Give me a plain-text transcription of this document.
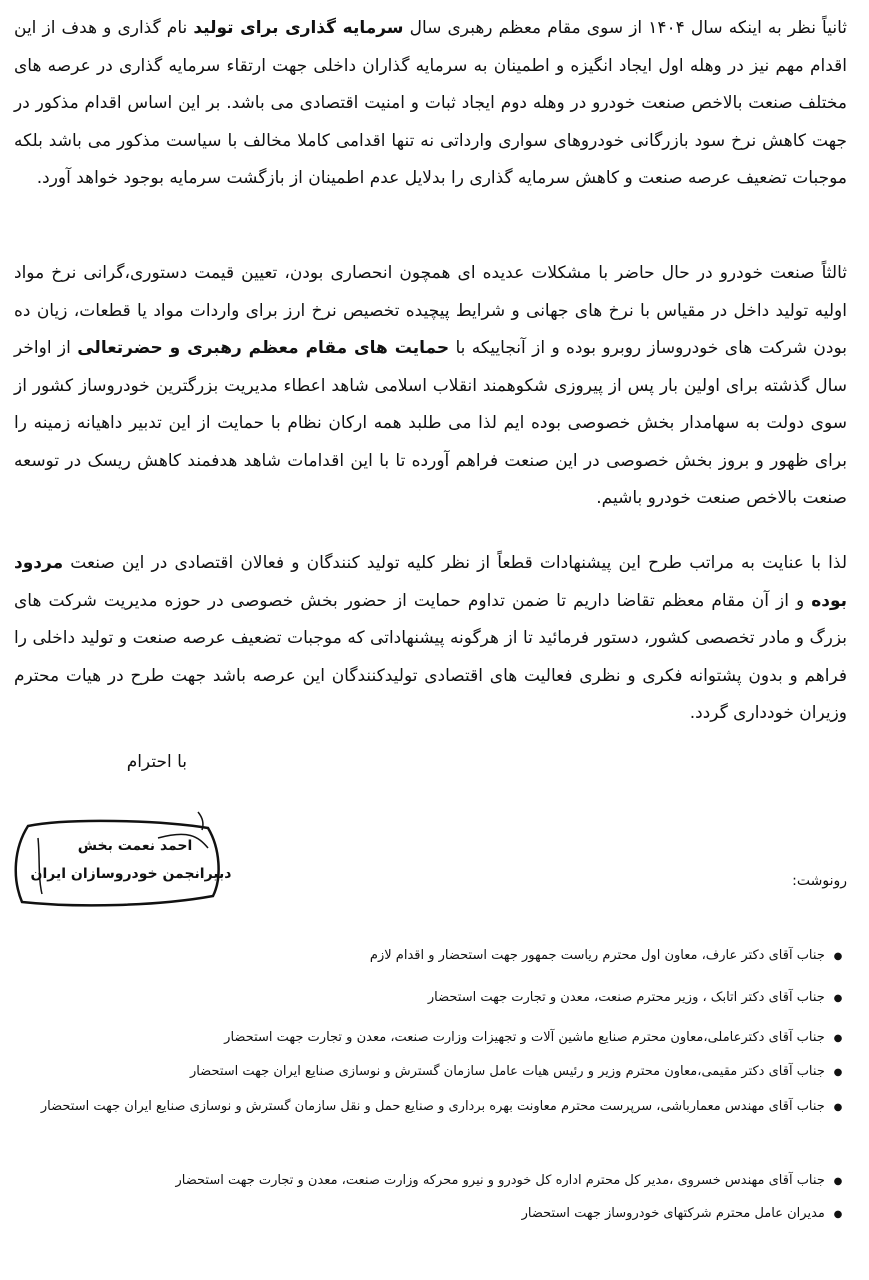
ثانیاً نظر به اینکه سال ۱۴۰۴ از سوی مقام معظم رهبری سال سرمایه گذاری برای تولید نام گذاری و هدف از این اقدام مهم نیز در وهله اول ایجاد انگیزه و اطمینان به سرمایه گذاران داخلی جهت ارتقاء سرمایه گذاری در عرصه های مختلف صنعت بالاخص صنعت خودرو در وهله دوم ایجاد ثبات و امنیت اقتصادی می باشد. بر این اساس اقدام مذکور در جهت کاهش نرخ سود بازرگانی خودروهای سواری وارداتی نه تنها اقدامی کاملا مخالف با سیاست مذکور می باشد بلکه موجبات تضعیف عرصه صنعت و کاهش سرمایه گذاری را بدلایل عدم اطمینان از بازگشت سرمایه بوجود خواهد آورد.

ثالثاً صنعت خودرو در حال حاضر با مشکلات عدیده ای همچون انحصاری بودن، تعیین قیمت دستوری،گرانی نرخ مواد اولیه تولید داخل در مقیاس با نرخ های جهانی و شرایط پیچیده تخصیص نرخ ارز برای واردات مواد یا قطعات، زیان ده بودن شرکت های خودروساز روبرو بوده و از آنجاییکه با حمایت های مقام معظم رهبری و حضرتعالی از اواخر سال گذشته برای اولین بار پس از پیروزی شکوهمند انقلاب اسلامی شاهد اعطاء مدیریت بزرگترین خودروساز کشور از سوی دولت به سهامدار بخش خصوصی بوده ایم لذا می طلبد همه ارکان نظام با حمایت از این تدبیر داهیانه زمینه را برای ظهور و بروز بخش خصوصی در این صنعت فراهم آورده تا با این اقدامات شاهد هدفمند کاهش ریسک در توسعه صنعت بالاخص صنعت خودرو باشیم.

لذا با عنایت به مراتب طرح این پیشنهادات قطعاً از نظر کلیه تولید کنندگان و فعالان اقتصادی در این صنعت مردود بوده و از آن مقام معظم تقاضا داریم تا ضمن تداوم حمایت از حضور بخش خصوصی در حوزه مدیریت شرکت های بزرگ و مادر تخصصی کشور، دستور فرمائید تا از هرگونه پیشنهاداتی که موجبات تضعیف عرصه صنعت و تولید داخلی را فراهم و بدون پشتوانه فکری و نظری فعالیت های اقتصادی تولیدکنندگان این عرصه باشد جهت طرح در هیات محترم وزیران خودداری گردد.

با احترام
احمد نعمت بخش
دبیرانجمن خودروسازان ایران	رونوشت:
● جناب آقای دکتر عارف، معاون اول محترم ریاست جمهور جهت استحضار و اقدام لازم
● جناب آقای دکتر اتابک ، وزیر محترم صنعت، معدن و تجارت جهت استحضار
● جناب آقای دکترعاملی،معاون محترم صنایع ماشین آلات و تجهیزات وزارت صنعت، معدن و تجارت جهت استحضار
● جناب آقای دکتر مقیمی،معاون محترم وزیر و رئیس هیات عامل سازمان گسترش و نوسازی صنایع ایران جهت استحضار
● جناب آقای مهندس معمارباشی، سرپرست محترم معاونت بهره برداری و صنایع حمل و نقل سازمان گسترش و نوسازی صنایع ایران جهت استحضار
● جناب آقای مهندس خسروی ،مدیر کل محترم اداره کل خودرو و نیرو محرکه وزارت صنعت، معدن و تجارت جهت استحضار
● مدیران عامل محترم شرکتهای خودروساز جهت استحضار
